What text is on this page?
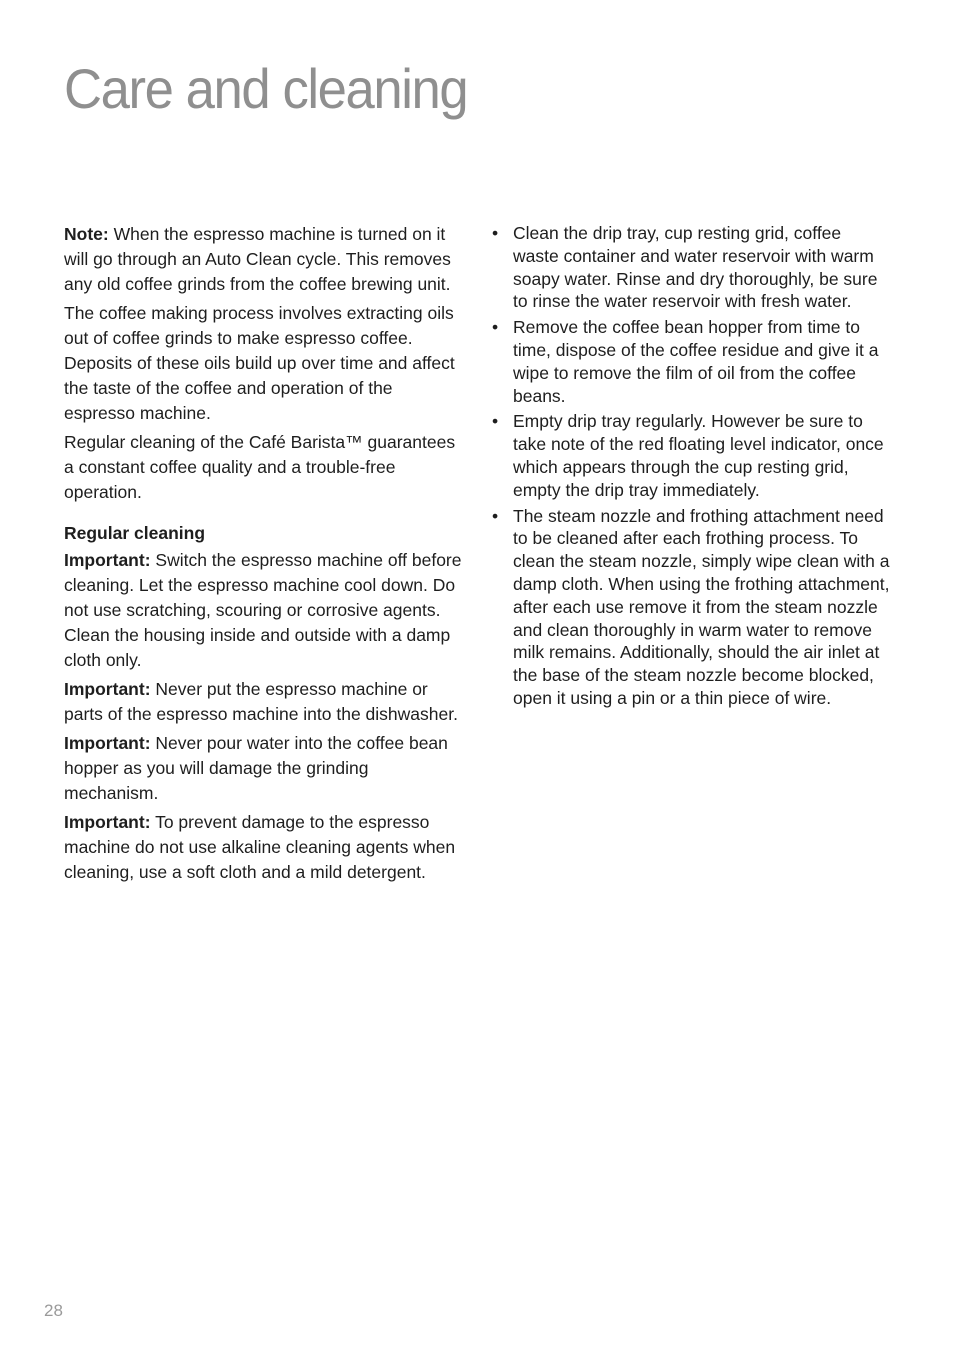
Care and cleaning

Note: When the espresso machine is turned on it will go through an Auto Clean cycle. This removes any old coffee grinds from the coffee brewing unit.

The coffee making process involves extracting oils out of coffee grinds to make espresso coffee. Deposits of these oils build up over time and affect the taste of the coffee and operation of the espresso machine.

Regular cleaning of the Café Barista™ guarantees a constant coffee quality and a trouble-free operation.

Regular cleaning

Important: Switch the espresso machine off before cleaning. Let the espresso machine cool down. Do not use scratching, scouring or corrosive agents. Clean the housing inside and outside with a damp cloth only.

Important: Never put the espresso machine or parts of the espresso machine into the dishwasher.

Important: Never pour water into the coffee bean hopper as you will damage the grinding mechanism.

Important: To prevent damage to the espresso machine do not use alkaline cleaning agents when cleaning, use a soft cloth and a mild detergent.

• Clean the drip tray, cup resting grid, coffee waste container and water reservoir with warm soapy water. Rinse and dry thoroughly, be sure to rinse the water reservoir with fresh water.
• Remove the coffee bean hopper from time to time, dispose of the coffee residue and give it a wipe to remove the film of oil from the coffee beans.
• Empty drip tray regularly. However be sure to take note of the red floating level indicator, once which appears through the cup resting grid, empty the drip tray immediately.
• The steam nozzle and frothing attachment need to be cleaned after each frothing process. To clean the steam nozzle, simply wipe clean with a damp cloth. When using the frothing attachment, after each use remove it from the steam nozzle and clean thoroughly in warm water to remove milk remains. Additionally, should the air inlet at the base of the steam nozzle become blocked, open it using a pin or a thin piece of wire.
28
